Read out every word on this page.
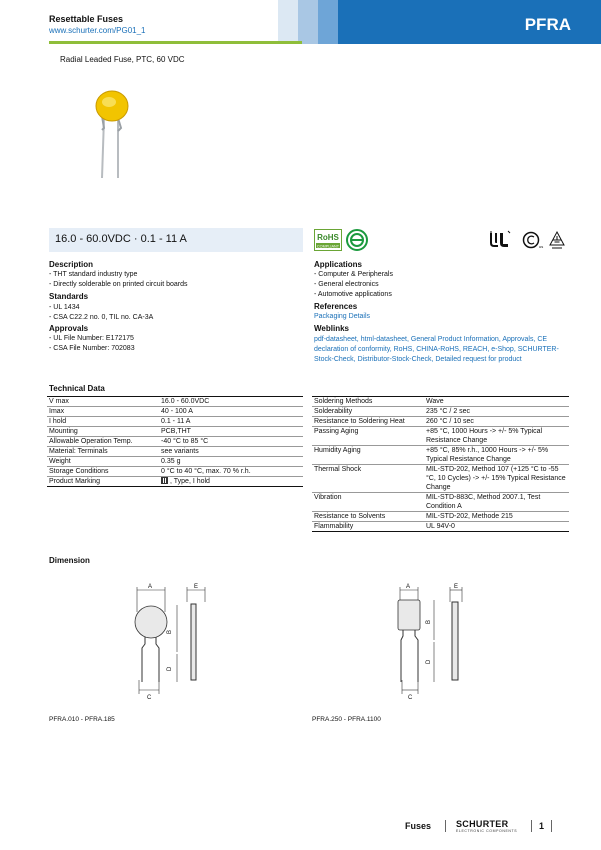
Resettable Fuses
www.schurter.com/PG01_1	PFRA
Radial Leaded Fuse, PTC, 60 VDC
16.0 - 60.0VDC · 0.1 - 11 A	RoHS
COMPLIANT	us
Description
- THT standard industry type
- Directly solderable on printed circuit boards
Standards
- UL 1434
- CSA C22.2 no. 0, TIL no. CA-3A
Approvals
- UL File Number: E172175
- CSA File Number: 702083
Applications
- Computer & Peripherals
- General electronics
- Automotive applications
References
Packaging Details
Weblinks
pdf-datasheet, html-datasheet, General Product Information, Approvals, CE declaration of conformity, RoHS, CHINA-RoHS, REACH, e-Shop, SCHURTER-Stock-Check, Distributor-Stock-Check, Detailed request for product
Technical Data
V max	16.0 - 60.0VDC
Imax	40 - 100 A
I hold	0.1 - 11 A
Mounting	PCB,THT
Allowable Operation Temp.	-40 °C to 85 °C
Material: Terminals	see variants
Weight	0.35 g
Storage Conditions	0 °C to 40 °C, max. 70 % r.h.
Product Marking	, Type, I hold
Soldering Methods	Wave
Solderability	235 °C / 2 sec
Resistance to Soldering Heat	260 °C / 10 sec
Passing Aging	+85 °C, 1000 Hours -> +/- 5% Typical Resistance Change
Humidity Aging	+85 °C, 85% r.h., 1000 Hours -> +/- 5% Typical Resistance Change
Thermal Shock	MIL-STD-202, Method 107 (+125 °C to -55 °C, 10 Cycles) -> +/- 15% Typical Resistance Change
Vibration	MIL-STD-883C, Method 2007.1, Test Condition A
Resistance to Solvents	MIL-STD-202, Methode 215
Flammability	UL 94V-0
Dimension
A	E
B
D
C
A	E
B
D
C
PFRA.010 - PFRA.185	PFRA.250 - PFRA.1100
Fuses	SCHURTER
ELECTRONIC COMPONENTS 1
